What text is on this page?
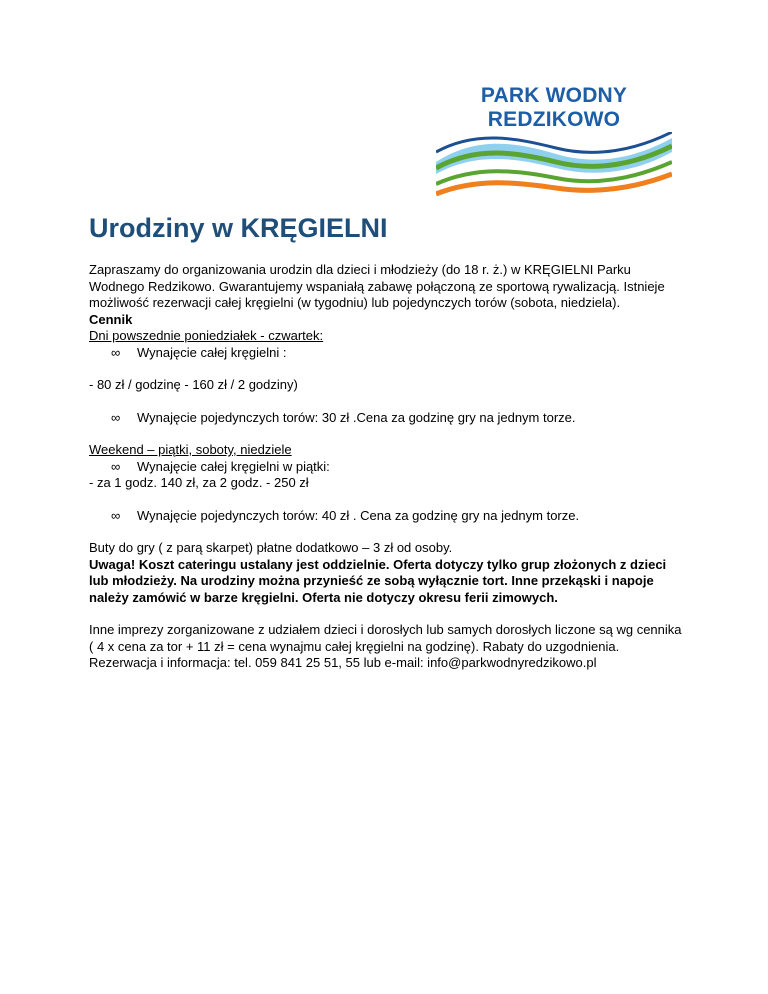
PARK WODNY
REDZIKOWO
Urodziny w KRĘGIELNI

Zapraszamy do organizowania urodzin dla dzieci i młodzieży (do 18 r. ż.) w KRĘGIELNI Parku Wodnego Redzikowo. Gwarantujemy wspaniałą zabawę połączoną ze sportową rywalizacją. Istnieje możliwość rezerwacji całej kręgielni (w tygodniu) lub pojedynczych torów (sobota, niedziela).

Cennik

Dni powszednie poniedziałek - czwartek:

∞	Wynajęcie całej kręgielni :

- 80 zł / godzinę - 160 zł / 2 godziny)

∞	Wynajęcie pojedynczych torów: 30 zł .Cena za godzinę gry na jednym torze.

Weekend – piątki, soboty, niedziele

∞	Wynajęcie całej kręgielni w piątki:

- za 1 godz. 140 zł, za 2 godz. - 250 zł

∞	Wynajęcie pojedynczych torów: 40 zł . Cena za godzinę gry na jednym torze.

Buty do gry ( z parą skarpet) płatne dodatkowo – 3 zł od osoby.

Uwaga! Koszt cateringu ustalany jest oddzielnie. Oferta dotyczy tylko grup złożonych z dzieci lub młodzieży. Na urodziny można przynieść ze sobą wyłącznie tort. Inne przekąski i napoje należy zamówić w barze kręgielni. Oferta nie dotyczy okresu ferii zimowych.

Inne imprezy zorganizowane z udziałem dzieci i dorosłych lub samych dorosłych liczone są wg cennika ( 4 x cena za tor + 11 zł = cena wynajmu całej kręgielni na godzinę). Rabaty do uzgodnienia.

Rezerwacja i informacja: tel. 059 841 25 51, 55 lub e-mail: info@parkwodnyredzikowo.pl
